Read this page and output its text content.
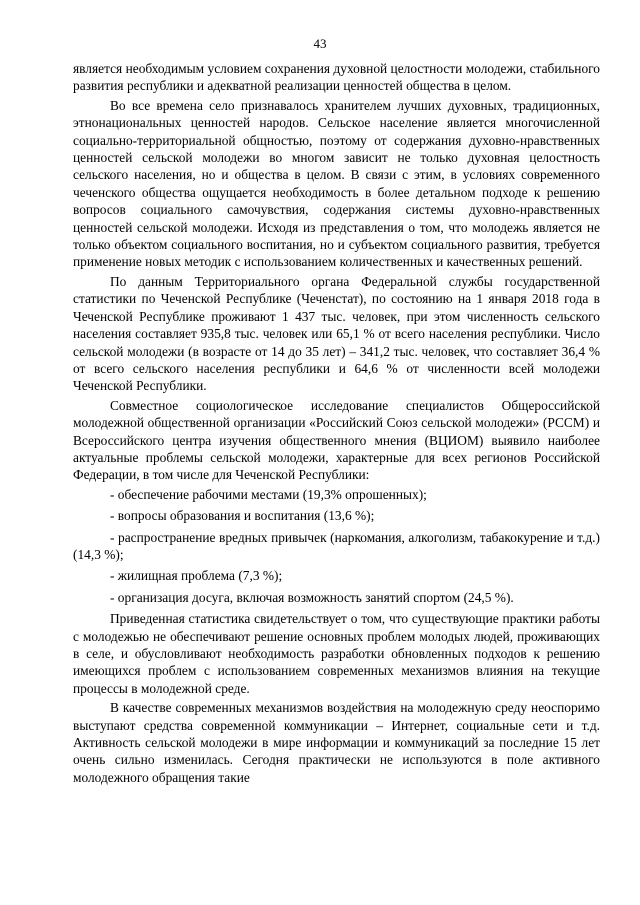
43

является необходимым условием сохранения духовной целостности молодежи, стабильного развития республики и адекватной реализации ценностей общества в целом.

Во все времена село признавалось хранителем лучших духовных, традиционных, этнонациональных ценностей народов. Сельское население является многочисленной социально-территориальной общностью, поэтому от содержания духовно-нравственных ценностей сельской молодежи во многом зависит не только духовная целостность сельского населения, но и общества в целом. В связи с этим, в условиях современного чеченского общества ощущается необходимость в более детальном подходе к решению вопросов социального самочувствия, содержания системы духовно-нравственных ценностей сельской молодежи. Исходя из представления о том, что молодежь является не только объектом социального воспитания, но и субъектом социального развития, требуется применение новых методик с использованием количественных и качественных решений.

По данным Территориального органа Федеральной службы государственной статистики по Чеченской Республике (Чеченстат), по состоянию на 1 января 2018 года в Чеченской Республике проживают 1 437 тыс. человек, при этом численность сельского населения составляет 935,8 тыс. человек или 65,1 % от всего населения республики. Число сельской молодежи (в возрасте от 14 до 35 лет) – 341,2 тыс. человек, что составляет 36,4 % от всего сельского населения республики и 64,6 % от численности всей молодежи Чеченской Республики.

Совместное социологическое исследование специалистов Общероссийской молодежной общественной организации «Российский Союз сельской молодежи» (РССМ) и Всероссийского центра изучения общественного мнения (ВЦИОМ) выявило наиболее актуальные проблемы сельской молодежи, характерные для всех регионов Российской Федерации, в том числе для Чеченской Республики:

- обеспечение рабочими местами (19,3% опрошенных);

- вопросы образования и воспитания (13,6 %);

- распространение вредных привычек (наркомания, алкоголизм, табакокурение и т.д.) (14,3 %);

- жилищная проблема (7,3 %);

- организация досуга, включая возможность занятий спортом (24,5 %).

Приведенная статистика свидетельствует о том, что существующие практики работы с молодежью не обеспечивают решение основных проблем молодых людей, проживающих в селе, и обусловливают необходимость разработки обновленных подходов к решению имеющихся проблем с использованием современных механизмов влияния на текущие процессы в молодежной среде.

В качестве современных механизмов воздействия на молодежную среду неоспоримо выступают средства современной коммуникации – Интернет, социальные сети и т.д. Активность сельской молодежи в мире информации и коммуникаций за последние 15 лет очень сильно изменилась. Сегодня практически не используются в поле активного молодежного обращения такие
